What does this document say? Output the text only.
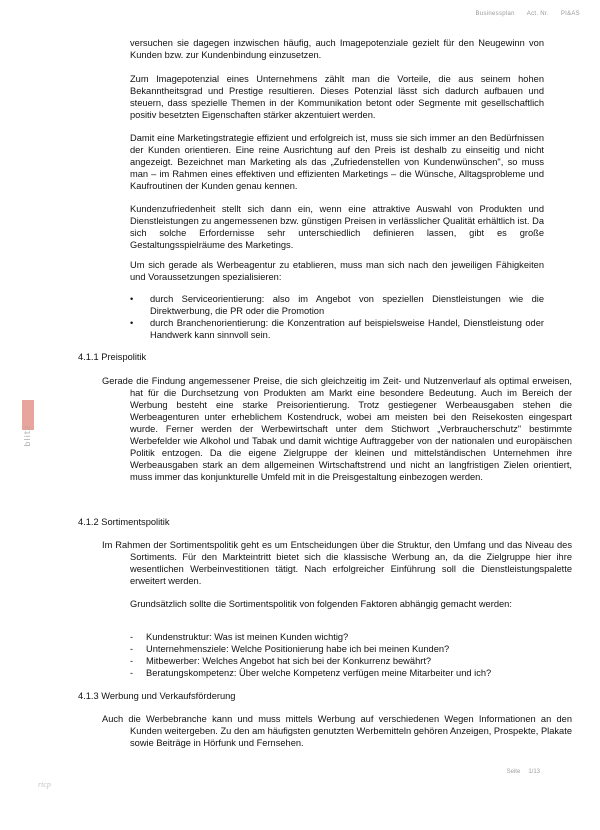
Businessplan Act. Nr. PI&AS
FORMblitz

versuchen sie dagegen inzwischen häufig, auch Imagepotenziale gezielt für den Neugewinn von Kunden bzw. zur Kundenbindung einzusetzen.

Zum Imagepotenzial eines Unternehmens zählt man die Vorteile, die aus seinem hohen Bekanntheitsgrad und Prestige resultieren. Dieses Potenzial lässt sich dadurch aufbauen und steuern, dass spezielle Themen in der Kommunikation betont oder Segmente mit gesellschaftlich positiv besetzten Eigenschaften stärker akzentuiert werden.

Damit eine Marketingstrategie effizient und erfolgreich ist, muss sie sich immer an den Bedürfnissen der Kunden orientieren. Eine reine Ausrichtung auf den Preis ist deshalb zu einseitig und nicht angezeigt. Bezeichnet man Marketing als das „Zufriedenstellen von Kundenwünschen", so muss man – im Rahmen eines effektiven und effizienten Marketings – die Wünsche, Alltagsprobleme und Kaufroutinen der Kunden genau kennen.

Kundenzufriedenheit stellt sich dann ein, wenn eine attraktive Auswahl von Produkten und Dienstleistungen zu angemessenen bzw. günstigen Preisen in verlässlicher Qualität erhältlich ist. Da sich solche Erfordernisse sehr unterschiedlich definieren lassen, gibt es große Gestaltungsspielräume des Marketings.

Um sich gerade als Werbeagentur zu etablieren, muss man sich nach den jeweiligen Fähigkeiten und Voraussetzungen spezialisieren:

• durch Serviceorientierung: also im Angebot von speziellen Dienstleistungen wie die Direktwerbung, die PR oder die Promotion
• durch Branchenorientierung: die Konzentration auf beispielsweise Handel, Dienstleistung oder Handwerk kann sinnvoll sein.
4.1.1 Preispolitik

Gerade die Findung angemessener Preise, die sich gleichzeitig im Zeit- und Nutzenverlauf als optimal erweisen, hat für die Durchsetzung von Produkten am Markt eine besondere Bedeutung. Auch im Bereich der Werbung besteht eine starke Preisorientierung. Trotz gestiegener Werbeausgaben stehen die Werbeagenturen unter erheblichem Kostendruck, wobei am meisten bei den Reisekosten eingespart wurde. Ferner werden der Werbewirtschaft unter dem Stichwort „Verbraucherschutz" bestimmte Werbefelder wie Alkohol und Tabak und damit wichtige Auftraggeber von der nationalen und europäischen Politik entzogen. Da die eigene Zielgruppe der kleinen und mittelständischen Unternehmen ihre Werbeausgaben stark an dem allgemeinen Wirtschaftstrend und nicht an langfristigen Zielen orientiert, muss immer das konjunkturelle Umfeld mit in die Preisgestaltung einbezogen werden.

4.1.2 Sortimentspolitik

Im Rahmen der Sortimentspolitik geht es um Entscheidungen über die Struktur, den Umfang und das Niveau des Sortiments. Für den Markteintritt bietet sich die klassische Werbung an, da die Zielgruppe hier ihre wesentlichen Werbeinvestitionen tätigt. Nach erfolgreicher Einführung soll die Dienstleistungspalette erweitert werden.

Grundsätzlich sollte die Sortimentspolitik von folgenden Faktoren abhängig gemacht werden:

- Kundenstruktur: Was ist meinen Kunden wichtig?
- Unternehmensziele: Welche Positionierung habe ich bei meinen Kunden?
- Mitbewerber: Welches Angebot hat sich bei der Konkurrenz bewährt?
- Beratungskompetenz: Über welche Kompetenz verfügen meine Mitarbeiter und ich?
4.1.3 Werbung und Verkaufsförderung

Auch die Werbebranche kann und muss mittels Werbung auf verschiedenen Wegen Informationen an den Kunden weitergeben. Zu den am häufigsten genutzten Werbemitteln gehören Anzeigen, Prospekte, Plakate sowie Beiträge in Hörfunk und Fernsehen.

Seite 1/13
rtcp
